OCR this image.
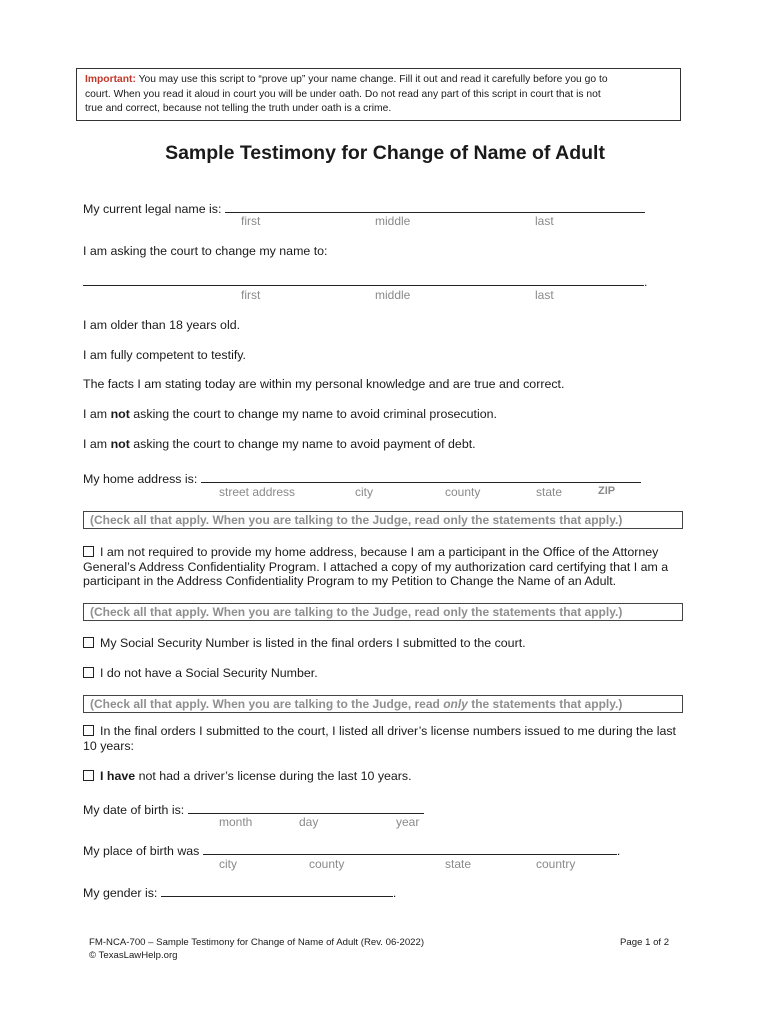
Important: You may use this script to “prove up” your name change. Fill it out and read it carefully before you go to
court. When you read it aloud in court you will be under oath. Do not read any part of this script in court that is not
true and correct, because not telling the truth under oath is a crime.
Sample Testimony for Change of Name of Adult
My current legal name is:
first	middle	last
I am asking the court to change my name to:
.
first	middle	last
I am older than 18 years old.
I am fully competent to testify.
The facts I am stating today are within my personal knowledge and are true and correct.
I am not asking the court to change my name to avoid criminal prosecution.
I am not asking the court to change my name to avoid payment of debt.
My home address is:
street address	city	county	state	ZIP
(Check all that apply. When you are talking to the Judge, read only the statements that apply.)
I am not required to provide my home address, because I am a participant in the Office of the Attorney
General’s Address Confidentiality Program. I attached a copy of my authorization card certifying that I am a
participant in the Address Confidentiality Program to my Petition to Change the Name of an Adult.
(Check all that apply. When you are talking to the Judge, read only the statements that apply.)
My Social Security Number is listed in the final orders I submitted to the court.
I do not have a Social Security Number.
(Check all that apply. When you are talking to the Judge, read only the statements that apply.)
In the final orders I submitted to the court, I listed all driver’s license numbers issued to me during the last
10 years:
I have not had a driver’s license during the last 10 years.
My date of birth is:
month	day	year
My place of birth was	.
city	county	state	country
My gender is:	.
FM-NCA-700 – Sample Testimony for Change of Name of Adult (Rev. 06-2022)
© TexasLawHelp.org
Page 1 of 2
